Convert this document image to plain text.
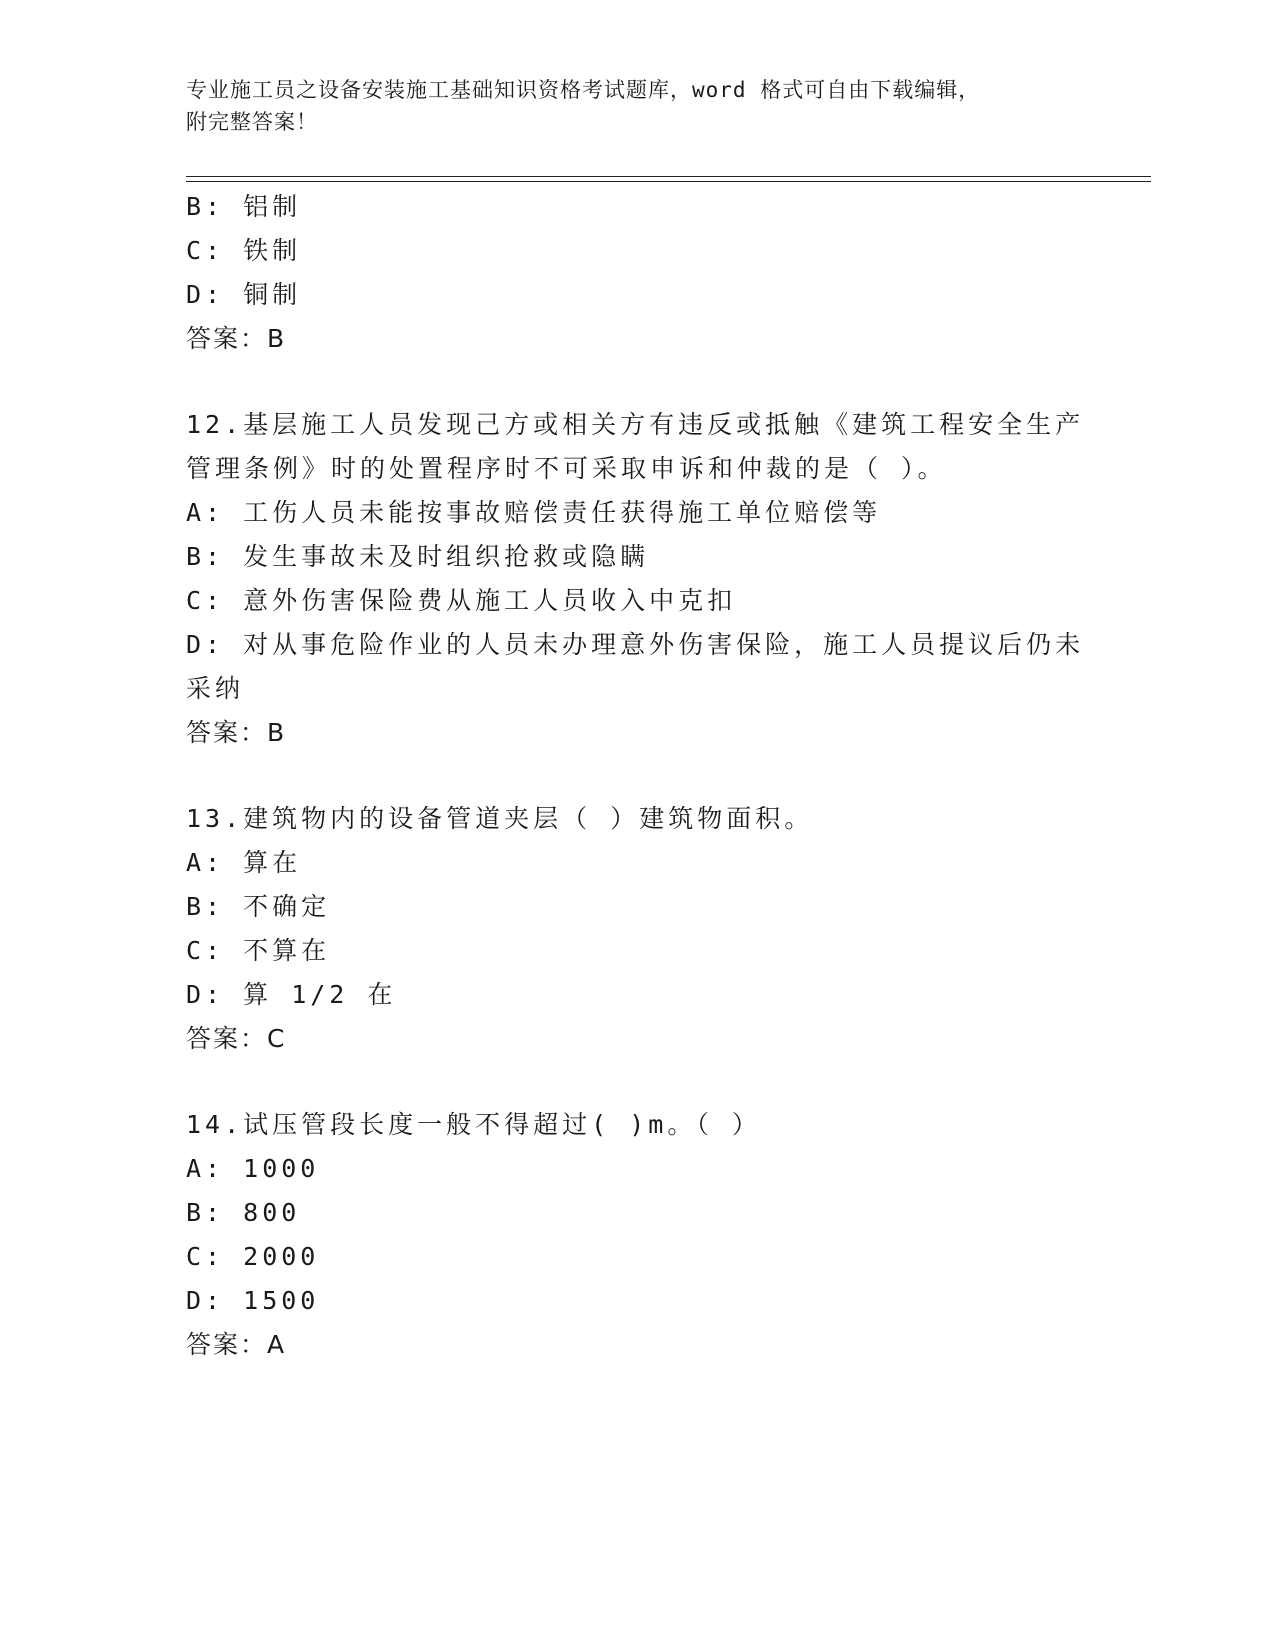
专业施工员之设备安装施工基础知识资格考试题库，word 格式可自由下载编辑，
附完整答案！
B: 铝制
C: 铁制
D: 铜制
答案：B
12.基层施工人员发现己方或相关方有违反或抵触《建筑工程安全生产
管理条例》时的处置程序时不可采取申诉和仲裁的是（ ）。
A: 工伤人员未能按事故赔偿责任获得施工单位赔偿等
B: 发生事故未及时组织抢救或隐瞒
C: 意外伤害保险费从施工人员收入中克扣
D: 对从事危险作业的人员未办理意外伤害保险，施工人员提议后仍未
采纳
答案：B
13.建筑物内的设备管道夹层（ ）建筑物面积。
A: 算在
B: 不确定
C: 不算在
D: 算 1/2 在
答案：C
14.试压管段长度一般不得超过( )m。（ ）
A: 1000
B: 800
C: 2000
D: 1500
答案：A
